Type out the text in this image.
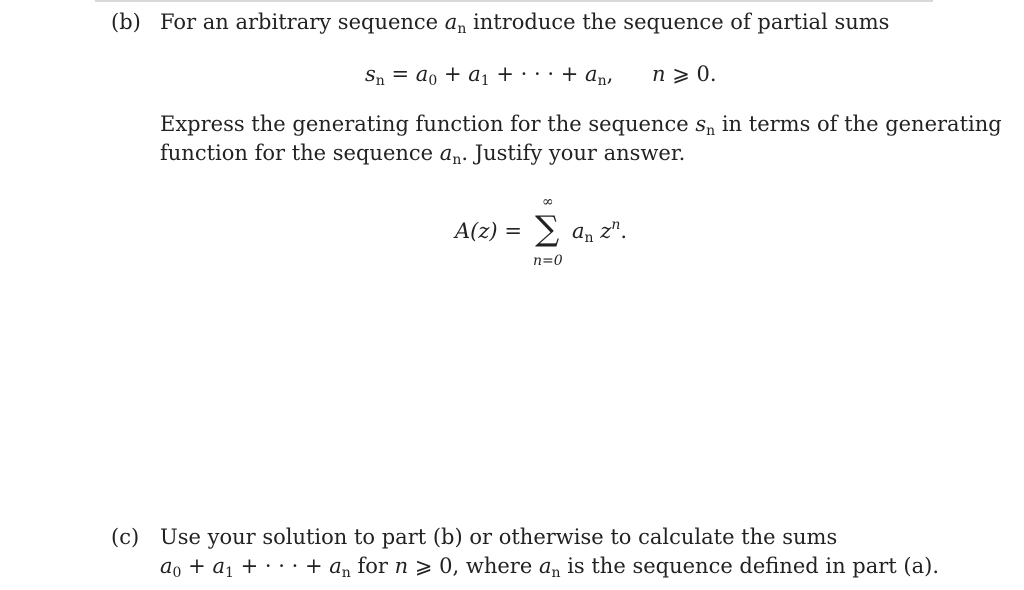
(b) For an arbitrary sequence $a_n$ introduce the sequence of partial sums
$s_n = a_0 + a_1$ + · · · + $a_n$, n ⩾ 0.
Express the generating function for the sequence $s_n$ in terms of the generating
function for the sequence $a_n$. Justify your answer.
A(z) =
∞
∑
n=0
$a_n$ $z^n$.
(c) Use your solution to part (b) or otherwise to calculate the sums
$a_0 + a_1$ + · · · + $a_n$ for n ⩾ 0, where $a_n$ is the sequence defined in part (a).
